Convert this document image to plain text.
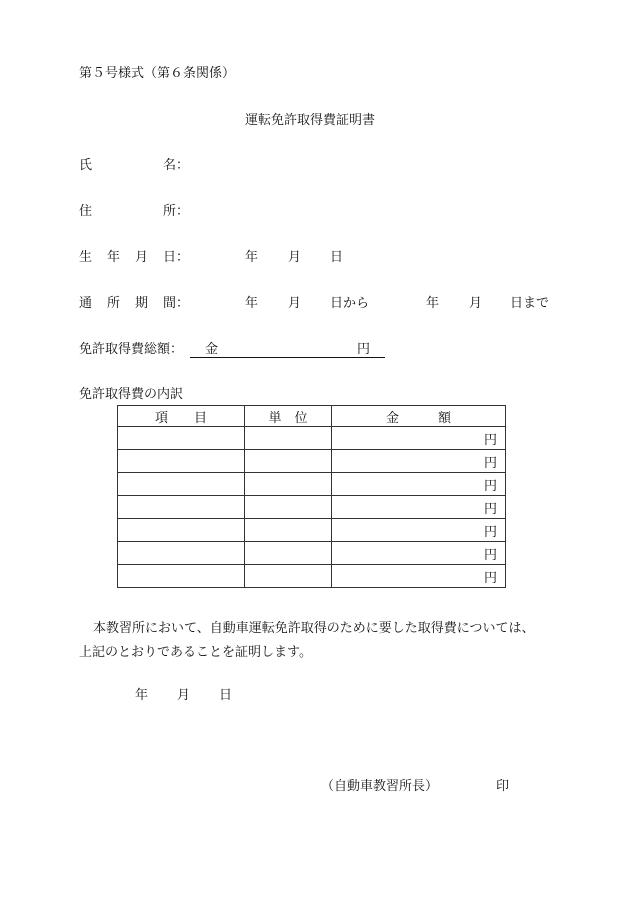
第５号様式（第６条関係）
運転免許取得費証明書
氏	名 ：
住	所 ：
生 年 月 日 ：	年 月 日
通 所 期 間 ：	年 月 日から	年 月 日まで
免許取得費総額： 金	円
免許取得費の内訳
項　　目	単　位	金　　　額
		円
		円
		円
		円
		円
		円
		円
本教習所において、自動車運転免許取得のために要した取得費については、
上記のとおりであることを証明します。
年 月 日
（自動車教習所長）	印
